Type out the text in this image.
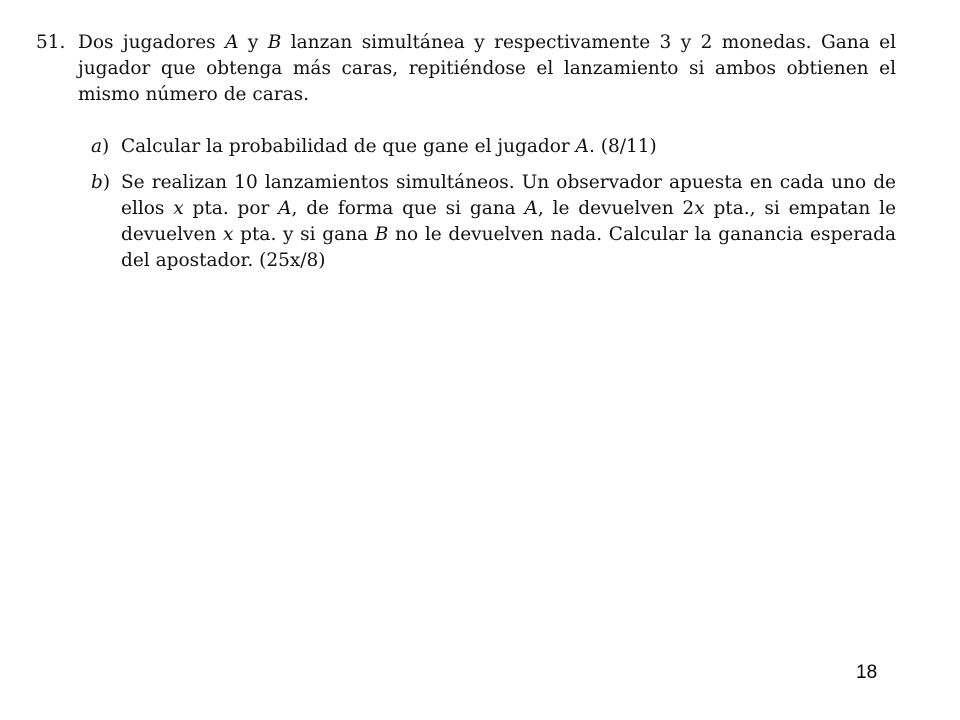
51. Dos jugadores A y B lanzan simultánea y respectivamente 3 y 2 monedas. Gana el jugador que obtenga más caras, repitiéndose el lanzamiento si ambos obtienen el mismo número de caras.

a) Calcular la probabilidad de que gane el jugador A. (8/11)

b) Se realizan 10 lanzamientos simultáneos. Un observador apuesta en cada uno de ellos x pta. por A, de forma que si gana A, le devuelven 2x pta., si empatan le devuelven x pta. y si gana B no le devuelven nada. Calcular la ganancia esperada del apostador. (25x/8)

18
